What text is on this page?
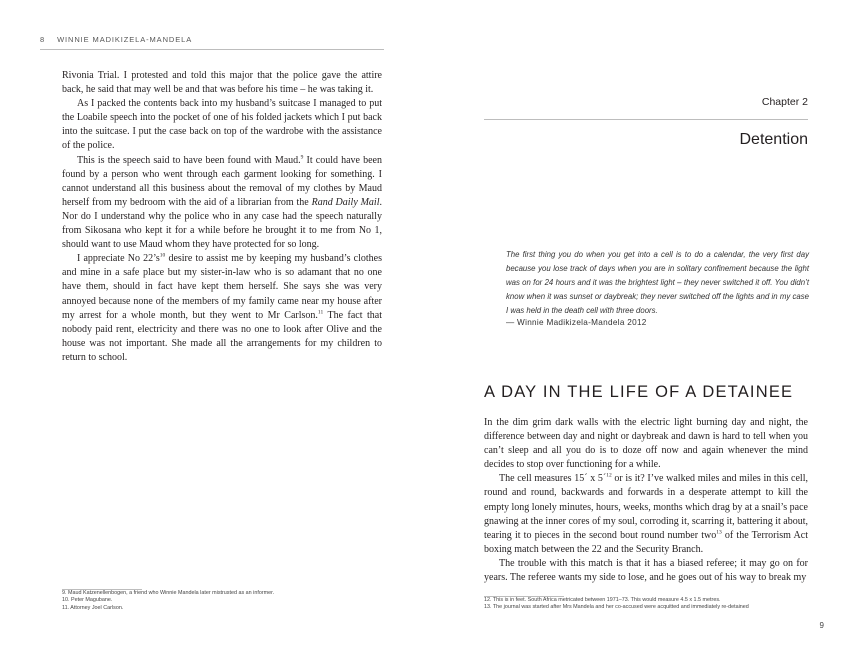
8 WINNIE MADIKIZELA-MANDELA

Rivonia Trial. I protested and told this major that the police gave the attire back, he said that may well be and that was before his time – he was taking it.

As I packed the contents back into my husband’s suitcase I managed to put the Loabile speech into the pocket of one of his folded jackets which I put back into the suitcase. I put the case back on top of the wardrobe with the assistance of the police.

This is the speech said to have been found with Maud.$^9$ It could have been found by a person who went through each garment looking for something. I cannot understand all this business about the removal of my clothes by Maud herself from my bedroom with the aid of a librarian from the Rand Daily Mail. Nor do I understand why the police who in any case had the speech naturally from Sikosana who kept it for a while before he brought it to me from No 1, should want to use Maud whom they have protected for so long.

I appreciate No $22’s^{10}$ desire to assist me by keeping my husband’s clothes and mine in a safe place but my sister-in-law who is so adamant that no one have them, should in fact have kept them herself. She says she was very annoyed because none of the members of my family came near my house after my arrest for a whole month, but they went to Mr Carlson.$^{11}$ The fact that nobody paid rent, electricity and there was no one to look after Olive and the house was not important. She made all the arrangements for my children to return to school.

9. Maud Katzenellenbogen, a friend who Winnie Mandela later mistrusted as an informer.
10. Peter Magubane.
11. Attorney Joel Carlson.
Chapter 2
Detention

The first thing you do when you get into a cell is to do a calendar, the very first day because you lose track of days when you are in solitary confinement because the light was on for 24 hours and it was the brightest light – they never switched it off. You didn’t know when it was sunset or daybreak; they never switched off the lights and in my case I was held in the death cell with three doors.

— Winnie Madikizela-Mandela 2012
A DAY IN THE LIFE OF A DETAINEE

In the dim grim dark walls with the electric light burning day and night, the difference between day and night or daybreak and dawn is hard to tell when you can’t sleep and all you do is to doze off now and again whenever the mind decides to stop over functioning for a while.

The cell measures 15´ x 5´$^{12}$ or is it? I’ve walked miles and miles in this cell, round and round, backwards and forwards in a desperate attempt to kill the empty long lonely minutes, hours, weeks, months which drag by at a snail’s pace gnawing at the inner cores of my soul, corroding it, scarring it, battering it about, tearing it to pieces in the second bout round number two$^{13}$ of the Terrorism Act boxing match between the 22 and the Security Branch.

The trouble with this match is that it has a biased referee; it may go on for years. The referee wants my side to lose, and he goes out of his way to break my

12. This is in feet. South Africa metricated between 1971–73. This would measure 4.5 x 1.5 metres.
13. The journal was started after Mrs Mandela and her co-accused were acquitted and immediately re-detained
9
